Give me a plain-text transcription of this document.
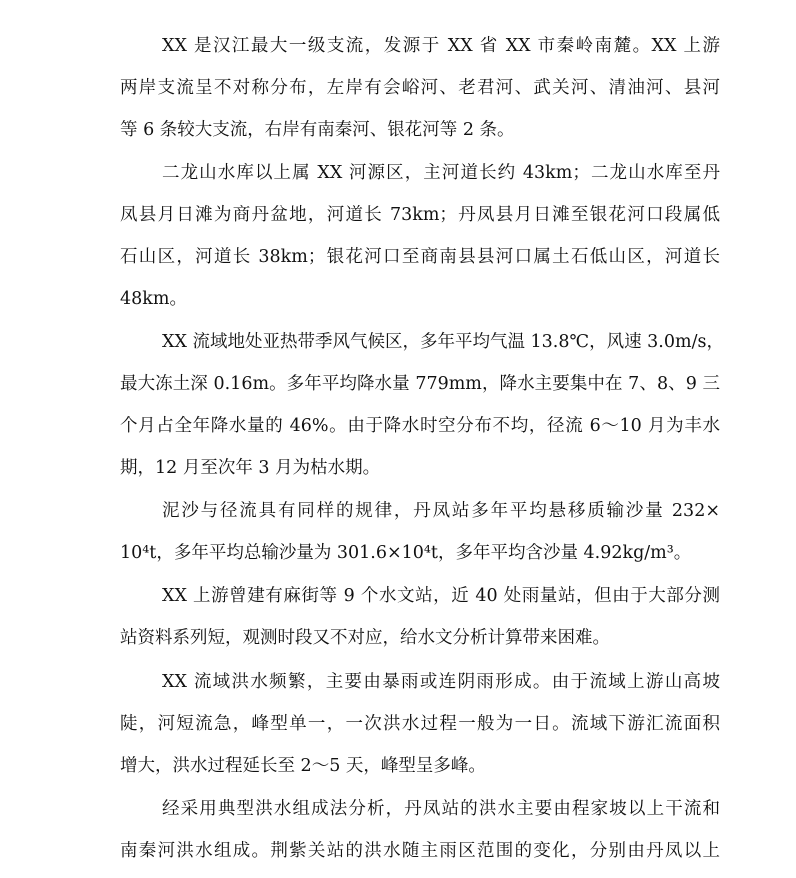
XX 是汉江最大一级支流，发源于 XX 省 XX 市秦岭南麓。XX 上游
两岸支流呈不对称分布，左岸有会峪河、老君河、武关河、清油河、县河
等 6 条较大支流，右岸有南秦河、银花河等 2 条。
二龙山水库以上属 XX 河源区，主河道长约 43km；二龙山水库至丹
凤县月日滩为商丹盆地，河道长 73km；丹凤县月日滩至银花河口段属低
石山区，河道长 38km；银花河口至商南县县河口属土石低山区，河道长
48km。
XX 流域地处亚热带季风气候区，多年平均气温 13.8℃，风速 3.0m/s，
最大冻土深 0.16m。多年平均降水量 779mm，降水主要集中在 7、8、9 三
个月占全年降水量的 46%。由于降水时空分布不均，径流 6～10 月为丰水
期，12 月至次年 3 月为枯水期。
泥沙与径流具有同样的规律，丹凤站多年平均悬移质输沙量 232×
10⁴t，多年平均总输沙量为 301.6×10⁴t，多年平均含沙量 4.92kg/m³。
XX 上游曾建有麻街等 9 个水文站，近 40 处雨量站，但由于大部分测
站资料系列短，观测时段又不对应，给水文分析计算带来困难。
XX 流域洪水频繁，主要由暴雨或连阴雨形成。由于流域上游山高坡
陡，河短流急，峰型单一，一次洪水过程一般为一日。流域下游汇流面积
增大，洪水过程延长至 2～5 天，峰型呈多峰。
经采用典型洪水组成法分析，丹凤站的洪水主要由程家坡以上干流和
南秦河洪水组成。荆紫关站的洪水随主雨区范围的变化，分别由丹凤以上
